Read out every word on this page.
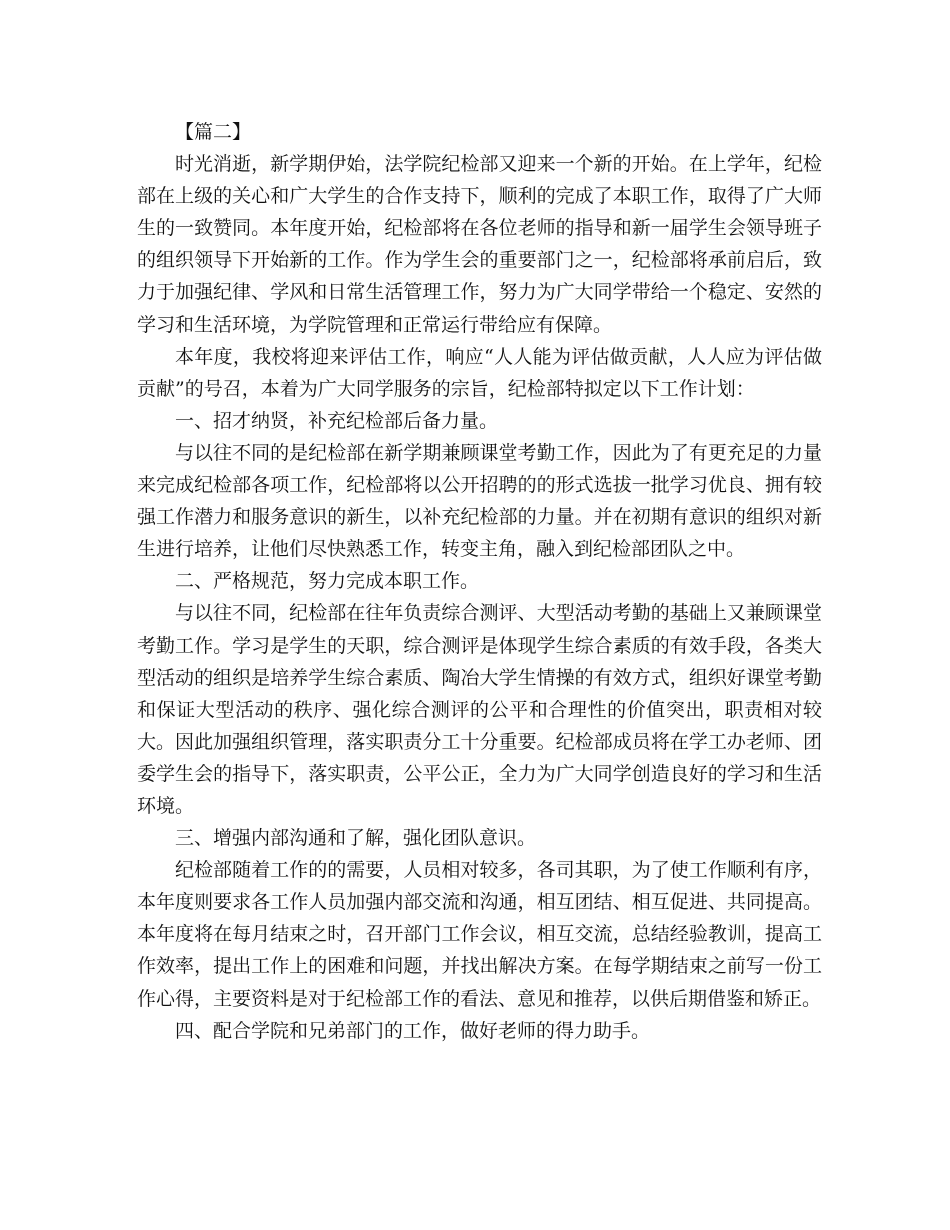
【篇二】

时光消逝，新学期伊始，法学院纪检部又迎来一个新的开始。在上学年，纪检部在上级的关心和广大学生的合作支持下，顺利的完成了本职工作，取得了广大师生的一致赞同。本年度开始，纪检部将在各位老师的指导和新一届学生会领导班子的组织领导下开始新的工作。作为学生会的重要部门之一，纪检部将承前启后，致力于加强纪律、学风和日常生活管理工作，努力为广大同学带给一个稳定、安然的学习和生活环境，为学院管理和正常运行带给应有保障。

本年度，我校将迎来评估工作，响应“人人能为评估做贡献，人人应为评估做贡献”的号召，本着为广大同学服务的宗旨，纪检部特拟定以下工作计划：

一、招才纳贤，补充纪检部后备力量。

与以往不同的是纪检部在新学期兼顾课堂考勤工作，因此为了有更充足的力量来完成纪检部各项工作，纪检部将以公开招聘的的形式选拔一批学习优良、拥有较强工作潜力和服务意识的新生，以补充纪检部的力量。并在初期有意识的组织对新生进行培养，让他们尽快熟悉工作，转变主角，融入到纪检部团队之中。

二、严格规范，努力完成本职工作。

与以往不同，纪检部在往年负责综合测评、大型活动考勤的基础上又兼顾课堂考勤工作。学习是学生的天职，综合测评是体现学生综合素质的有效手段，各类大型活动的组织是培养学生综合素质、陶冶大学生情操的有效方式，组织好课堂考勤和保证大型活动的秩序、强化综合测评的公平和合理性的价值突出，职责相对较大。因此加强组织管理，落实职责分工十分重要。纪检部成员将在学工办老师、团委学生会的指导下，落实职责，公平公正，全力为广大同学创造良好的学习和生活环境。

三、增强内部沟通和了解，强化团队意识。

纪检部随着工作的的需要，人员相对较多，各司其职，为了使工作顺利有序，本年度则要求各工作人员加强内部交流和沟通，相互团结、相互促进、共同提高。本年度将在每月结束之时，召开部门工作会议，相互交流，总结经验教训，提高工作效率，提出工作上的困难和问题，并找出解决方案。在每学期结束之前写一份工作心得，主要资料是对于纪检部工作的看法、意见和推荐，以供后期借鉴和矫正。

四、配合学院和兄弟部门的工作，做好老师的得力助手。
